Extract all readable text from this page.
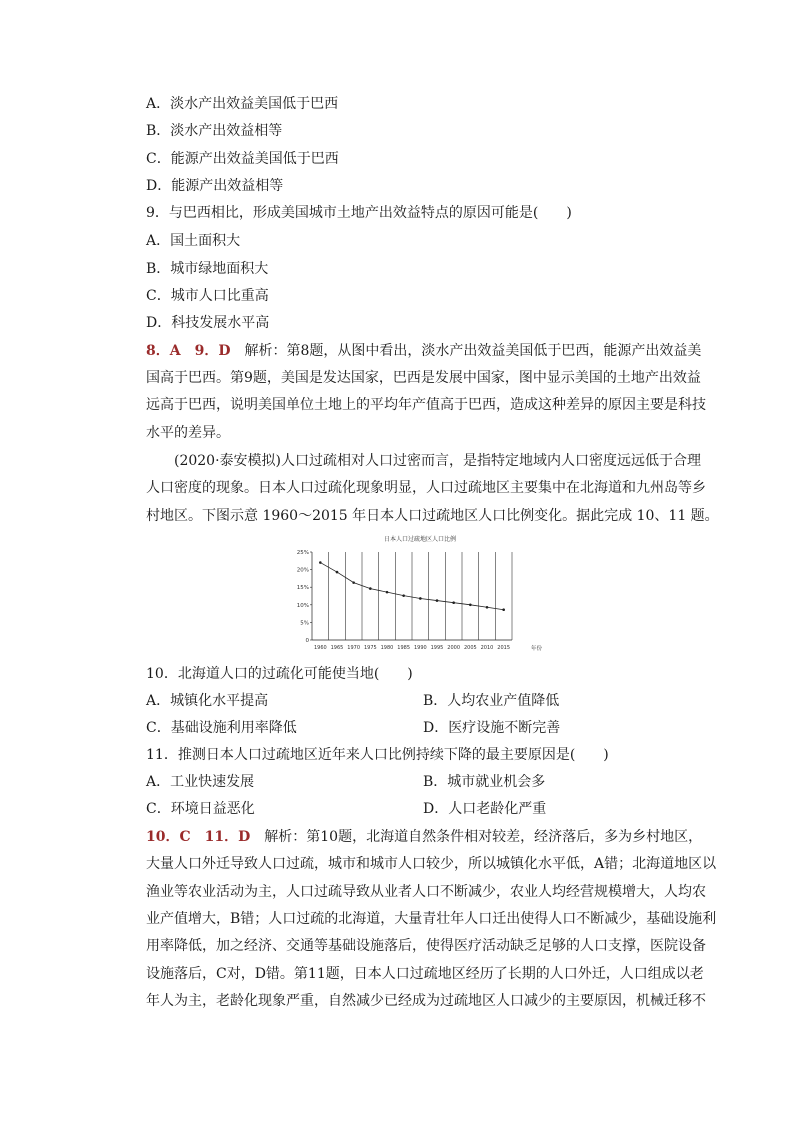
A．淡水产出效益美国低于巴西
B．淡水产出效益相等
C．能源产出效益美国低于巴西
D．能源产出效益相等
9．与巴西相比，形成美国城市土地产出效益特点的原因可能是(　　)
A．国土面积大
B．城市绿地面积大
C．城市人口比重高
D．科技发展水平高
8．A　9．D　解析：第8题，从图中看出，淡水产出效益美国低于巴西，能源产出效益美
国高于巴西。第9题，美国是发达国家，巴西是发展中国家，图中显示美国的土地产出效益
远高于巴西，说明美国单位土地上的平均年产值高于巴西，造成这种差异的原因主要是科技
水平的差异。
　　(2020·泰安模拟)人口过疏相对人口过密而言，是指特定地域内人口密度远远低于合理
人口密度的现象。日本人口过疏化现象明显，人口过疏地区主要集中在北海道和九州岛等乡
村地区。下图示意 1960～2015 年日本人口过疏地区人口比例变化。据此完成 10、11 题。
日本人口过疏地区人口比例
1960 1965 1970 1975 1980 1985 1990 1995 2000 2005 2010 2015
25%
20%
15%
10%
5%
0
年份
10．北海道人口的过疏化可能使当地(　　)
A．城镇化水平提高	B．人均农业产值降低
C．基础设施利用率降低	D．医疗设施不断完善
11．推测日本人口过疏地区近年来人口比例持续下降的最主要原因是(　　)
A．工业快速发展	B．城市就业机会多
C．环境日益恶化	D．人口老龄化严重
10．C　11．D　解析：第10题，北海道自然条件相对较差，经济落后，多为乡村地区，
大量人口外迁导致人口过疏，城市和城市人口较少，所以城镇化水平低，A错；北海道地区以
渔业等农业活动为主，人口过疏导致从业者人口不断减少，农业人均经营规模增大，人均农
业产值增大，B错；人口过疏的北海道，大量青壮年人口迁出使得人口不断减少，基础设施利
用率降低，加之经济、交通等基础设施落后，使得医疗活动缺乏足够的人口支撑，医院设备
设施落后，C对，D错。第11题，日本人口过疏地区经历了长期的人口外迁，人口组成以老
年人为主，老龄化现象严重，自然减少已经成为过疏地区人口减少的主要原因，机械迁移不
